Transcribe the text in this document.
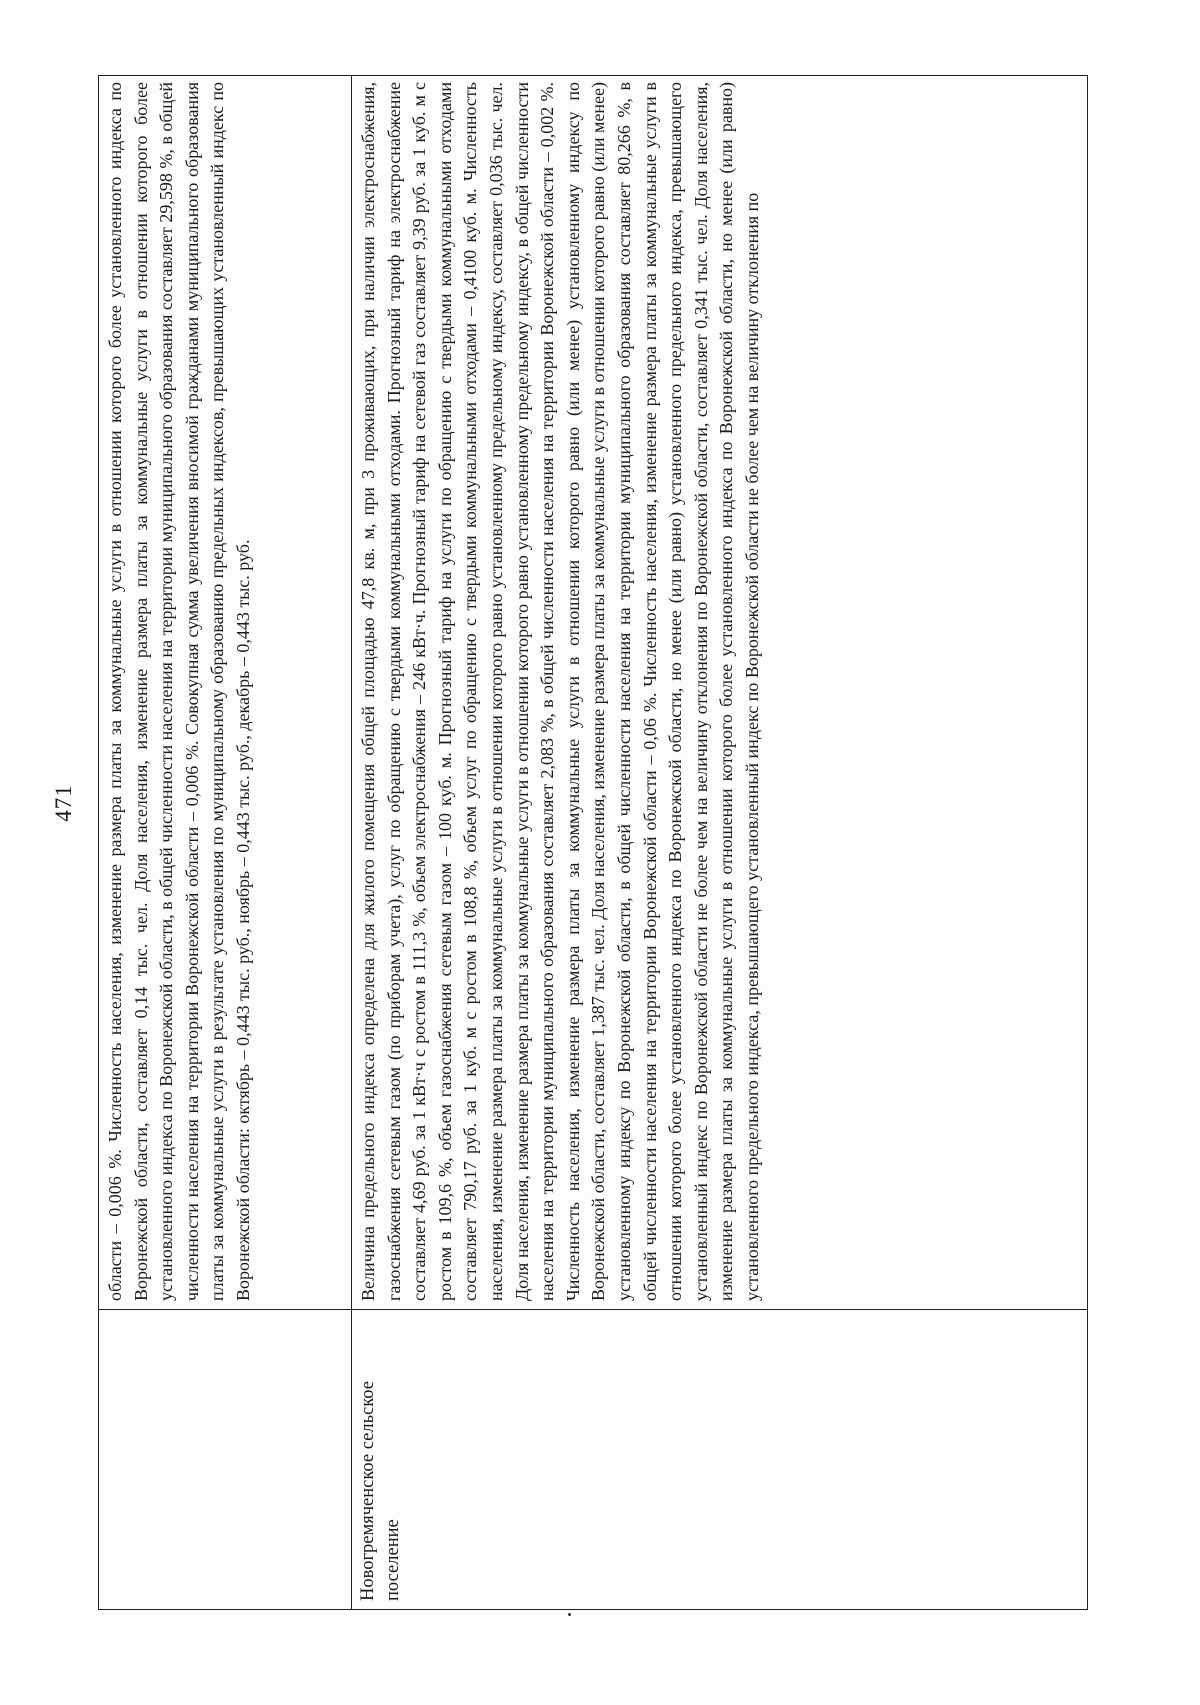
471	области – 0,006 %. Численность населения, изменение размера платы за коммунальные услуги в отношении которого более установленного индекса по Воронежской области, составляет 0,14 тыс. чел. Доля населения, изменение размера платы за коммунальные услуги в отношении которого более установленного индекса по Воронежской области, в общей численности населения на территории муниципального образования составляет 29,598 %, в общей численности населения на территории Воронежской области – 0,006 %. Совокупная сумма увеличения вносимой гражданами муниципального образования платы за коммунальные услуги в результате установления по муниципальному образованию предельных индексов, превышающих установленный индекс по Воронежской области: октябрь – 0,443 тыс. руб., ноябрь – 0,443 тыс. руб., декабрь – 0,443 тыс. руб.
Новогремяченское сельское поселение
Величина предельного индекса определена для жилого помещения общей площадью 47,8 кв. м, при 3 проживающих, при наличии электроснабжения, газоснабжения сетевым газом (по приборам учета), услуг по обращению с твердыми коммунальными отходами. Прогнозный тариф на электроснабжение составляет 4,69 руб. за 1 кВт·ч с ростом в 111,3 %, объем электроснабжения – 246 кВт·ч. Прогнозный тариф на сетевой газ составляет 9,39 руб. за 1 куб. м с ростом в 109,6 %, объем газоснабжения сетевым газом – 100 куб. м. Прогнозный тариф на услуги по обращению с твердыми коммунальными отходами составляет 790,17 руб. за 1 куб. м с ростом в 108,8 %, объем услуг по обращению с твердыми коммунальными отходами – 0,4100 куб. м. Численность населения, изменение размера платы за коммунальные услуги в отношении которого равно установленному предельному индексу, составляет 0,036 тыс. чел. Доля населения, изменение размера платы за коммунальные услуги в отношении которого равно установленному предельному индексу, в общей численности населения на территории муниципального образования составляет 2,083 %, в общей численности населения на территории Воронежской области – 0,002 %. Численность населения, изменение размера платы за коммунальные услуги в отношении которого равно (или менее) установленному индексу по Воронежской области, составляет 1,387 тыс. чел. Доля населения, изменение размера платы за коммунальные услуги в отношении которого равно (или менее) установленному индексу по Воронежской области, в общей численности населения на территории муниципального образования составляет 80,266 %, в общей численности населения на территории Воронежской области – 0,06 %. Численность населения, изменение размера платы за коммунальные услуги в отношении которого более установленного индекса по Воронежской области, но менее (или равно) установленного предельного индекса, превышающего установленный индекс по Воронежской области не более чем на величину отклонения по Воронежской области, составляет 0,341 тыс. чел. Доля населения, изменение размера платы за коммунальные услуги в отношении которого более установленного индекса по Воронежской области, но менее (или равно) установленного предельного индекса, превышающего установленный индекс по Воронежской области не более чем на величину отклонения по
